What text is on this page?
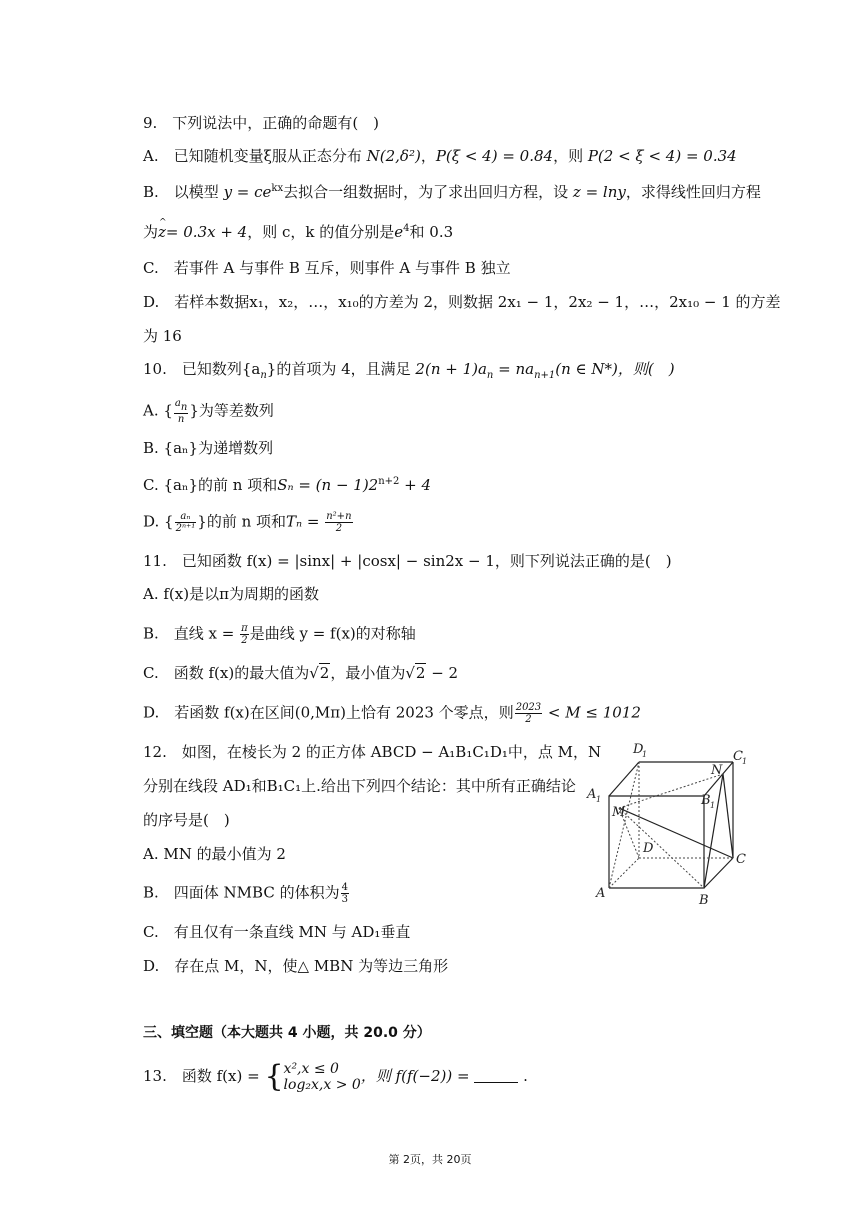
9.　下列说法中，正确的命题有(　)
A.　已知随机变量ξ服从正态分布 N(2,δ²)，P(ξ < 4) = 0.84，则 P(2 < ξ < 4) = 0.34
B.　以模型 $y = ce^{kx}$去拟合一组数据时，为了求出回归方程，设 z = lny，求得线性回归方程
为^ z= 0.3x + 4，则 c，k 的值分别是$e^4$和 0.3
C.　若事件 A 与事件 B 互斥，则事件 A 与事件 B 独立
D.　若样本数据x₁，x₂，…，x₁₀的方差为 2，则数据 2x₁ − 1，2x₂ − 1，…，2x₁₀ − 1 的方差
为 16
10.　已知数列$\{a_n\}$的首项为 4，且满足 $2(n + 1)a_n = na_{n+1}(n$ ∈ N*)，则(　)
A. { $\frac{an}{n}$ }为等差数列
B. {aₙ}为递增数列
C. {aₙ}的前 n 项和$S_n = (n - 1)2^{n+2} + 4$
D. { $\frac{\text{aₙ}}{\text{2ⁿ⁺¹}}$ }的前 n 项和$T_n = \frac{\text{n²+n}}{2}$
11.　已知函数 f(x) = |sinx| + |cosx| − sin2x − 1，则下列说法正确的是(　)
A. f(x)是以π为周期的函数
B.　直线 $x = \frac{\pi}{2}$ 是曲线 y = f(x)的对称轴
C.　函数 f(x)的最大值为√2，最小值为√2 − 2
D.　若函数 f(x)在区间(0,Mπ)上恰有 2023 个零点，则 $\frac{2023}{2} < M \le 1012$
12.　如图，在棱长为 2 的正方体 ABCD − A₁B₁C₁D₁中，点 M，N
分别在线段 AD₁和B₁C₁上.给出下列四个结论：其中所有正确结论
的序号是(　)
A. MN 的最小值为 2
B.　四面体 NMBC 的体积为 $\frac{4}{3}$
C.　有且仅有一条直线 MN 与 AD₁垂直
D.　存在点 M，N，使△ MBN 为等边三角形
A	B
C
D
A 1	B 1
C 1
D
1
M
N
三、填空题（本大题共 4 小题，共 20.0 分）
13.　函数 f(x) = { x²,x ≤ 0
log₂x,x > 0 ，则 f(f(−2)) =	.
第 2页，共 20页
